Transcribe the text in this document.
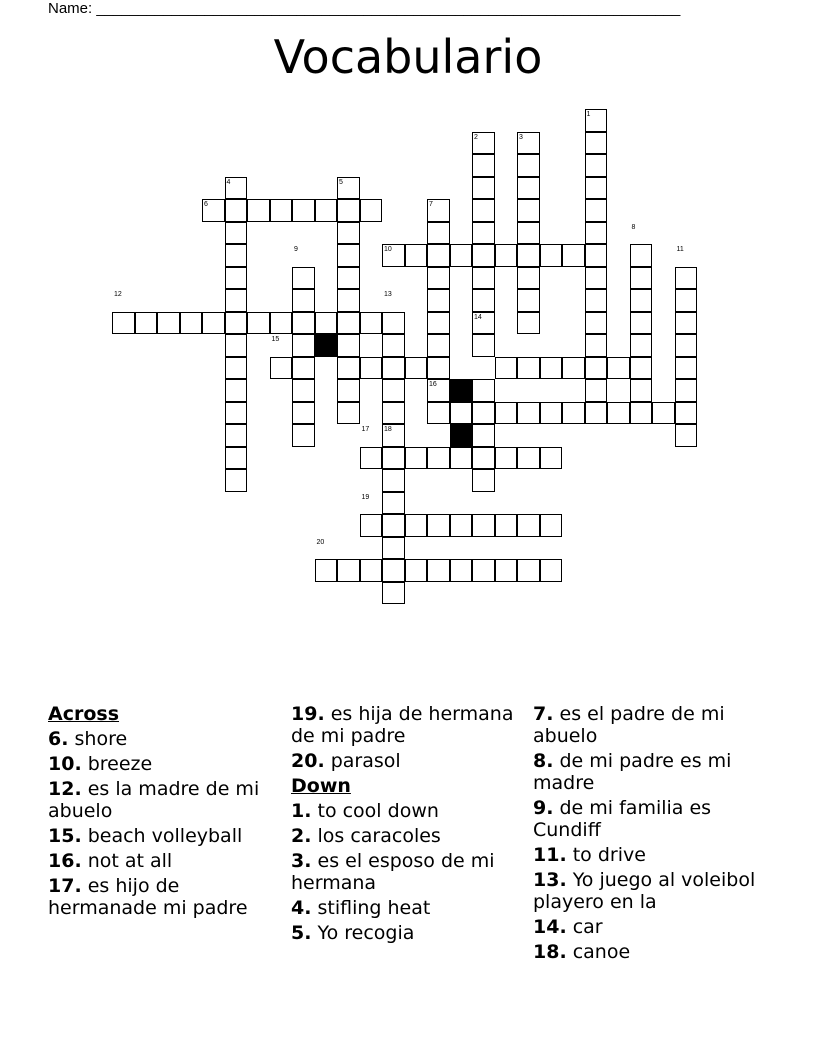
Name: ______________________________________________________________________
Vocabulario
1
2	3
4	5
6	7
8
9	10	11
12	13
14
15
16
17 18
19
20
Across
6. shore
10. breeze
12. es la madre de mi abuelo
15. beach volleyball
16. not at all
17. es hijo de hermanade mi padre
19. es hija de hermana de mi padre
20. parasol
Down
1. to cool down
2. los caracoles
3. es el esposo de mi hermana
4. stifling heat
5. Yo recogia
7. es el padre de mi abuelo
8. de mi padre es mi madre
9. de mi familia es Cundiff
11. to drive
13. Yo juego al voleibol playero en la
14. car
18. canoe
